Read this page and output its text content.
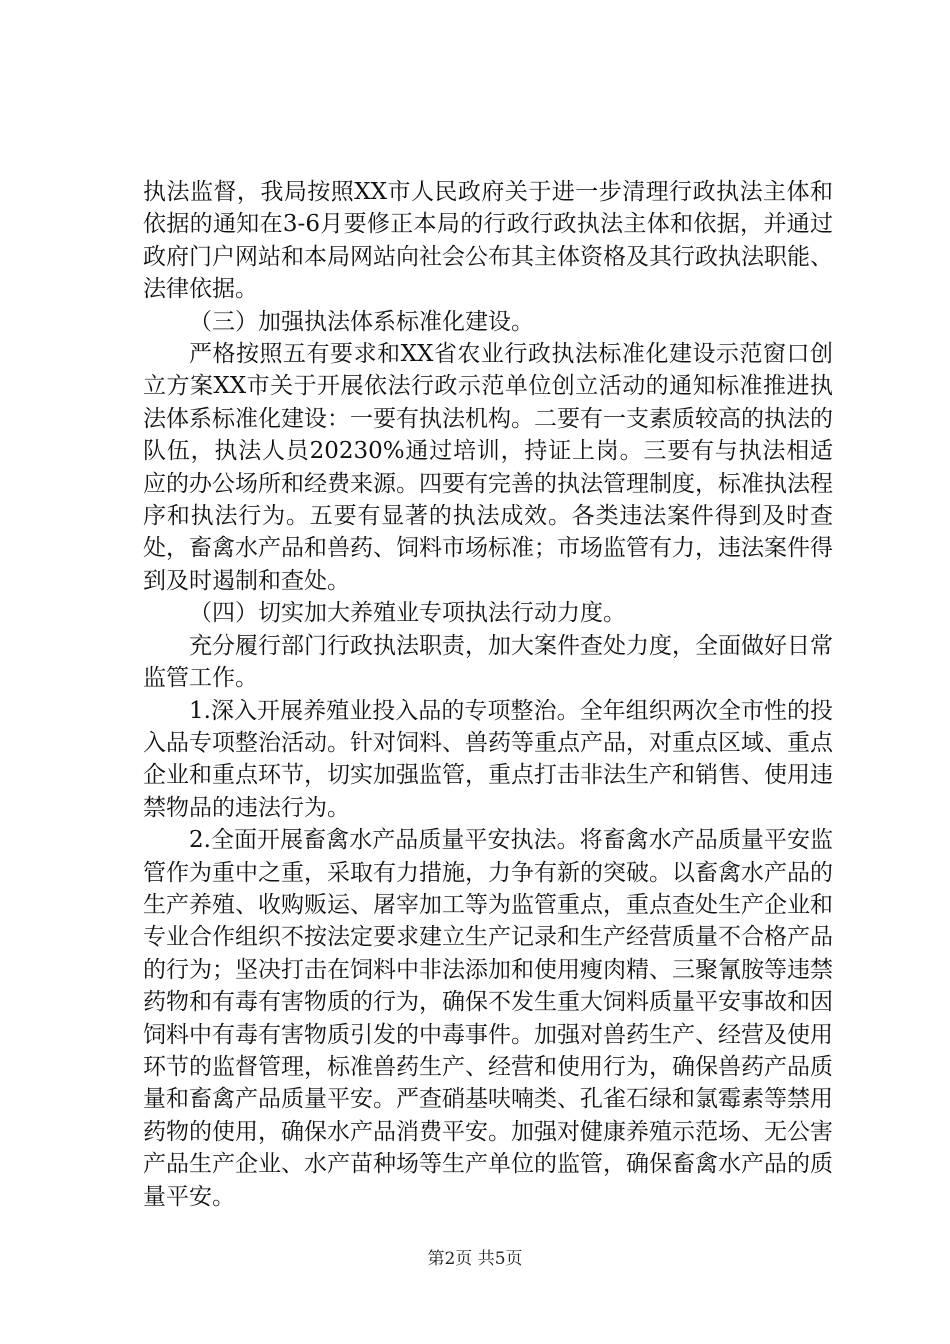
执法监督，我局按照XX市人民政府关于进一步清理行政执法主体和依据的通知在3-6月要修正本局的行政行政执法主体和依据，并通过政府门户网站和本局网站向社会公布其主体资格及其行政执法职能、法律依据。

（三）加强执法体系标准化建设。

严格按照五有要求和XX省农业行政执法标准化建设示范窗口创立方案XX市关于开展依法行政示范单位创立活动的通知标准推进执法体系标准化建设：一要有执法机构。二要有一支素质较高的执法的队伍，执法人员20230%通过培训，持证上岗。三要有与执法相适应的办公场所和经费来源。四要有完善的执法管理制度，标准执法程序和执法行为。五要有显著的执法成效。各类违法案件得到及时查处，畜禽水产品和兽药、饲料市场标准；市场监管有力，违法案件得到及时遏制和查处。

（四）切实加大养殖业专项执法行动力度。

充分履行部门行政执法职责，加大案件查处力度，全面做好日常监管工作。

1.深入开展养殖业投入品的专项整治。全年组织两次全市性的投入品专项整治活动。针对饲料、兽药等重点产品，对重点区域、重点企业和重点环节，切实加强监管，重点打击非法生产和销售、使用违禁物品的违法行为。

2.全面开展畜禽水产品质量平安执法。将畜禽水产品质量平安监管作为重中之重，采取有力措施，力争有新的突破。以畜禽水产品的生产养殖、收购贩运、屠宰加工等为监管重点，重点查处生产企业和专业合作组织不按法定要求建立生产记录和生产经营质量不合格产品的行为；坚决打击在饲料中非法添加和使用瘦肉精、三聚氰胺等违禁药物和有毒有害物质的行为，确保不发生重大饲料质量平安事故和因饲料中有毒有害物质引发的中毒事件。加强对兽药生产、经营及使用环节的监督管理，标准兽药生产、经营和使用行为，确保兽药产品质量和畜禽产品质量平安。严查硝基呋喃类、孔雀石绿和氯霉素等禁用药物的使用，确保水产品消费平安。加强对健康养殖示范场、无公害产品生产企业、水产苗种场等生产单位的监管，确保畜禽水产品的质量平安。

第2页 共5页
